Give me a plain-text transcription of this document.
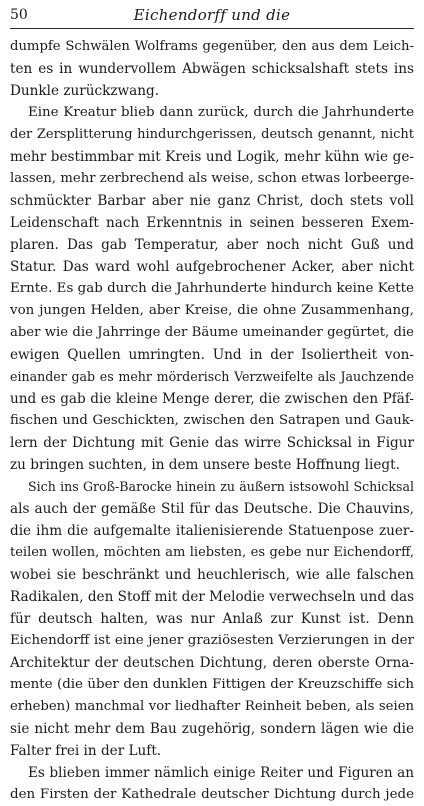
50	Eichendorff und die
dumpfe Schwälen Wolframs gegenüber, den aus dem Leich-
ten es in wundervollem Abwägen schicksalshaft stets ins
Dunkle zurückzwang.
Eine Kreatur blieb dann zurück, durch die Jahrhunderte
der Zersplitterung hindurchgerissen, deutsch genannt, nicht
mehr bestimmbar mit Kreis und Logik, mehr kühn wie ge-
lassen, mehr zerbrechend als weise, schon etwas lorbeerge-
schmückter Barbar aber nie ganz Christ, doch stets voll
Leidenschaft nach Erkenntnis in seinen besseren Exem-
plaren. Das gab Temperatur, aber noch nicht Guß und
Statur. Das ward wohl aufgebrochener Acker, aber nicht
Ernte. Es gab durch die Jahrhunderte hindurch keine Kette
von jungen Helden, aber Kreise, die ohne Zusammenhang,
aber wie die Jahrringe der Bäume umeinander gegürtet, die
ewigen Quellen umringten. Und in der Isoliertheit von-
einander gab es mehr mörderisch Verzweifelte als Jauchzende
und es gab die kleine Menge derer, die zwischen den Pfäf-
fischen und Geschickten, zwischen den Satrapen und Gauk-
lern der Dichtung mit Genie das wirre Schicksal in Figur
zu bringen suchten, in dem unsere beste Hoffnung liegt.
Sich ins Groß-Barocke hinein zu äußern istsowohl Schicksal
als auch der gemäße Stil für das Deutsche. Die Chauvins,
die ihm die aufgemalte italienisierende Statuenpose zuer-
teilen wollen, möchten am liebsten, es gebe nur Eichendorff,
wobei sie beschränkt und heuchlerisch, wie alle falschen
Radikalen, den Stoff mit der Melodie verwechseln und das
für deutsch halten, was nur Anlaß zur Kunst ist. Denn
Eichendorff ist eine jener graziösesten Verzierungen in der
Architektur der deutschen Dichtung, deren oberste Orna-
mente (die über den dunklen Fittigen der Kreuzschiffe sich
erheben) manchmal vor liedhafter Reinheit beben, als seien
sie nicht mehr dem Bau zugehörig, sondern lägen wie die
Falter frei in der Luft.
Es blieben immer nämlich einige Reiter und Figuren an
den Firsten der Kathedrale deutscher Dichtung durch jede
